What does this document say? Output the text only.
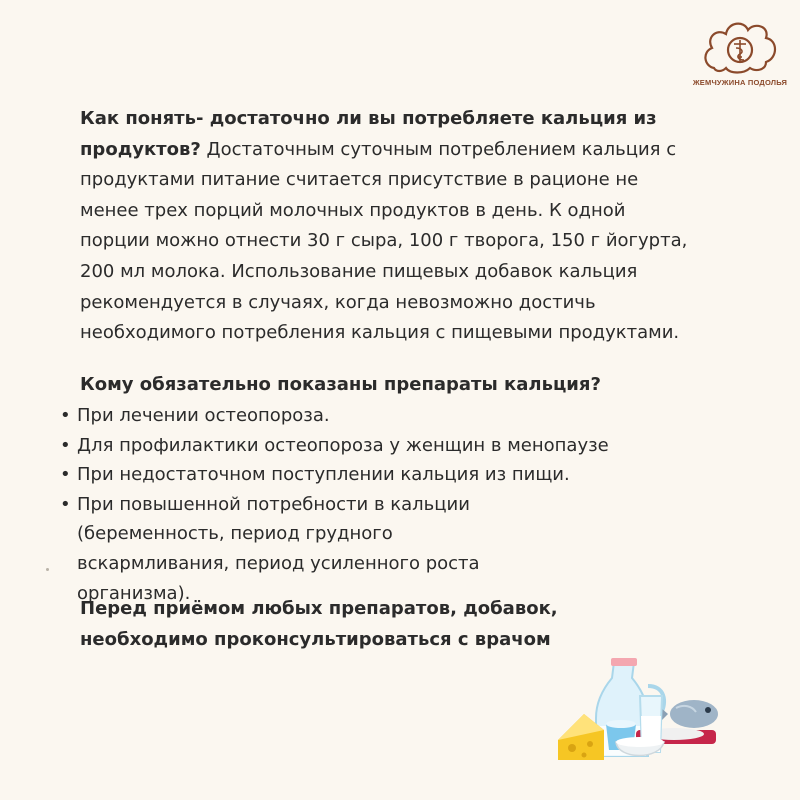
ЖЕМЧУЖИНА ПОДОЛЬЯ

Как понять- достаточно ли вы потребляете кальция из продуктов? Достаточным суточным потреблением кальция с продуктами питание считается присутствие в рационе не менее трех порций молочных продуктов в день. К одной порции можно отнести 30 г сыра, 100 г творога, 150 г йогурта, 200 мл молока. Использование пищевых добавок кальция рекомендуется в случаях, когда невозможно достичь необходимого потребления кальция с пищевыми продуктами.

Кому обязательно показаны препараты кальция?
• При лечении остеопороза.
• Для профилактики остеопороза у женщин в менопаузе
• При недостаточном поступлении кальция из пищи.
• При повышенной потребности в кальции (беременность, период грудного вскармливания, период усиленного роста организма).
Перед приёмом любых препаратов, добавок, необходимо проконсультироваться с врачом
